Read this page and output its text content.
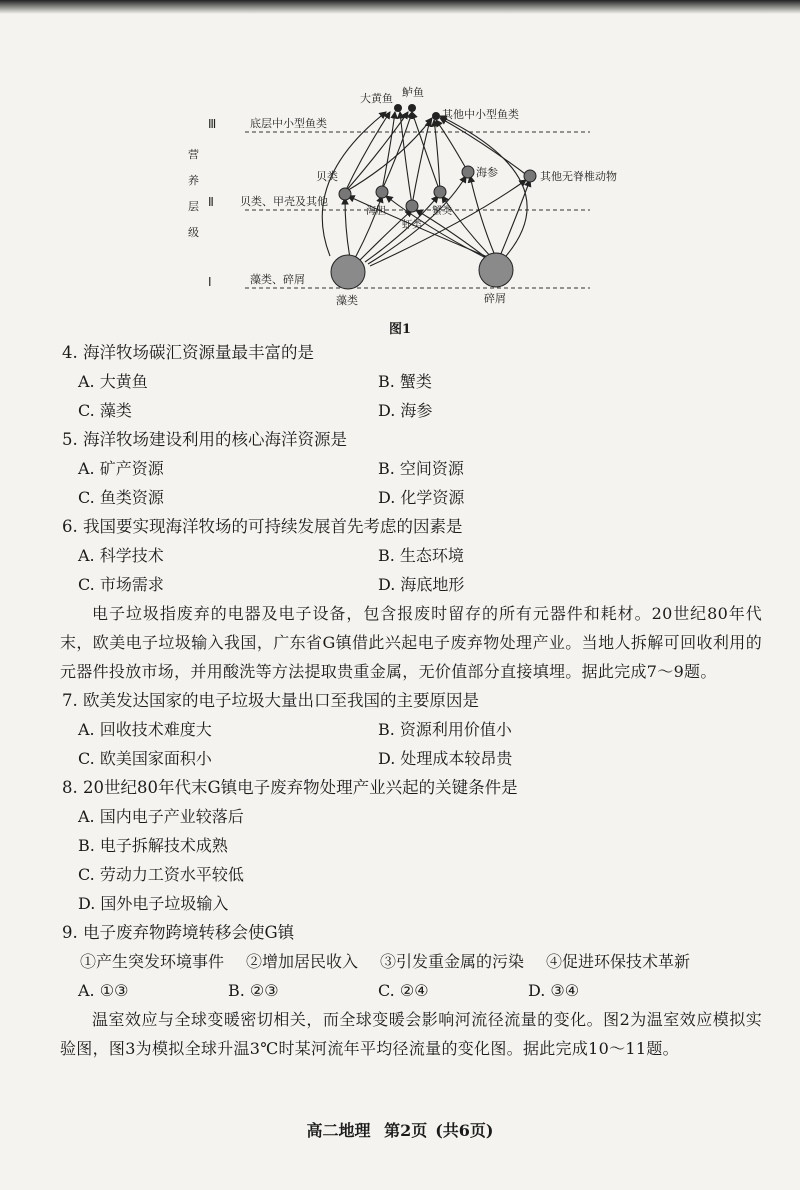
营
养
层
级
Ⅲ	底层中小型鱼类
Ⅱ 贝类、甲壳及其他
Ⅰ	藻类、碎屑
大黄鱼 鲈鱼
其他中小型鱼类
贝类
海胆
虾类
蟹类
海参	其他无脊椎动物
藻类	碎屑
图1
4. 海洋牧场碳汇资源量最丰富的是
A. 大黄鱼	B. 蟹类
C. 藻类	D. 海参
5. 海洋牧场建设利用的核心海洋资源是
A. 矿产资源	B. 空间资源
C. 鱼类资源	D. 化学资源
6. 我国要实现海洋牧场的可持续发展首先考虑的因素是
A. 科学技术	B. 生态环境
C. 市场需求	D. 海底地形
电子垃圾指废弃的电器及电子设备，包含报废时留存的所有元器件和耗材。20世纪80年代末，欧美电子垃圾输入我国，广东省G镇借此兴起电子废弃物处理产业。当地人拆解可回收利用的元器件投放市场，并用酸洗等方法提取贵重金属，无价值部分直接填埋。据此完成7～9题。
7. 欧美发达国家的电子垃圾大量出口至我国的主要原因是
A. 回收技术难度大	B. 资源利用价值小
C. 欧美国家面积小	D. 处理成本较昂贵
8. 20世纪80年代末G镇电子废弃物处理产业兴起的关键条件是
A. 国内电子产业较落后
B. 电子拆解技术成熟
C. 劳动力工资水平较低
D. 国外电子垃圾输入
9. 电子废弃物跨境转移会使G镇
①产生突发环境事件 ②增加居民收入 ③引发重金属的污染 ④促进环保技术革新
A. ①③	B. ②③	C. ②④	D. ③④
温室效应与全球变暖密切相关，而全球变暖会影响河流径流量的变化。图2为温室效应模拟实验图，图3为模拟全球升温3℃时某河流年平均径流量的变化图。据此完成10～11题。
高二地理 第2页 (共6页)
